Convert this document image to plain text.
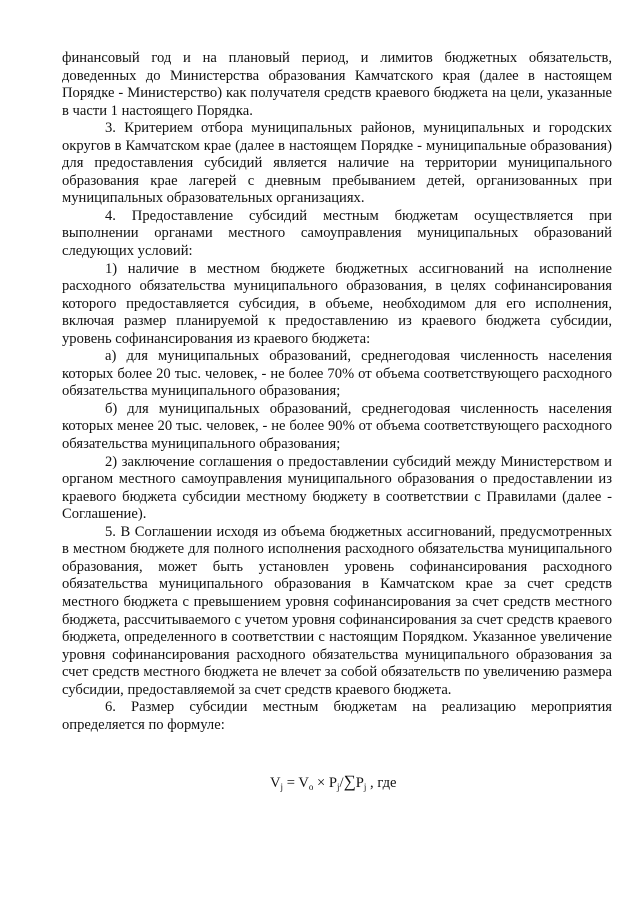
финансовый год и на плановый период, и лимитов бюджетных обязательств, доведенных до Министерства образования Камчатского края (далее в настоящем Порядке - Министерство) как получателя средств краевого бюджета на цели, указанные в части 1 настоящего Порядка.

3. Критерием отбора муниципальных районов, муниципальных и городских округов в Камчатском крае (далее в настоящем Порядке - муниципальные образования) для предоставления субсидий является наличие на территории муниципального образования крае лагерей с дневным пребыванием детей, организованных при муниципальных образовательных организациях.

4. Предоставление субсидий местным бюджетам осуществляется при выполнении органами местного самоуправления муниципальных образований следующих условий:

1) наличие в местном бюджете бюджетных ассигнований на исполнение расходного обязательства муниципального образования, в целях софинансирования которого предоставляется субсидия, в объеме, необходимом для его исполнения, включая размер планируемой к предоставлению из краевого бюджета субсидии, уровень софинансирования из краевого бюджета:

а) для муниципальных образований, среднегодовая численность населения которых более 20 тыс. человек, - не более 70% от объема соответствующего расходного обязательства муниципального образования;

б) для муниципальных образований, среднегодовая численность населения которых менее 20 тыс. человек, - не более 90% от объема соответствующего расходного обязательства муниципального образования;

2) заключение соглашения о предоставлении субсидий между Министерством и органом местного самоуправления муниципального образования о предоставлении из краевого бюджета субсидии местному бюджету в соответствии с Правилами (далее - Соглашение).

5. В Соглашении исходя из объема бюджетных ассигнований, предусмотренных в местном бюджете для полного исполнения расходного обязательства муниципального образования, может быть установлен уровень софинансирования расходного обязательства муниципального образования в Камчатском крае за счет средств местного бюджета с превышением уровня софинансирования за счет средств местного бюджета, рассчитываемого с учетом уровня софинансирования за счет средств краевого бюджета, определенного в соответствии с настоящим Порядком. Указанное увеличение уровня софинансирования расходного обязательства муниципального образования за счет средств местного бюджета не влечет за собой обязательств по увеличению размера субсидии, предоставляемой за счет средств краевого бюджета.

6. Размер субсидии местным бюджетам на реализацию мероприятия определяется по формуле:

$V_j = V_o \times P_j/\sum P_j$ , где
